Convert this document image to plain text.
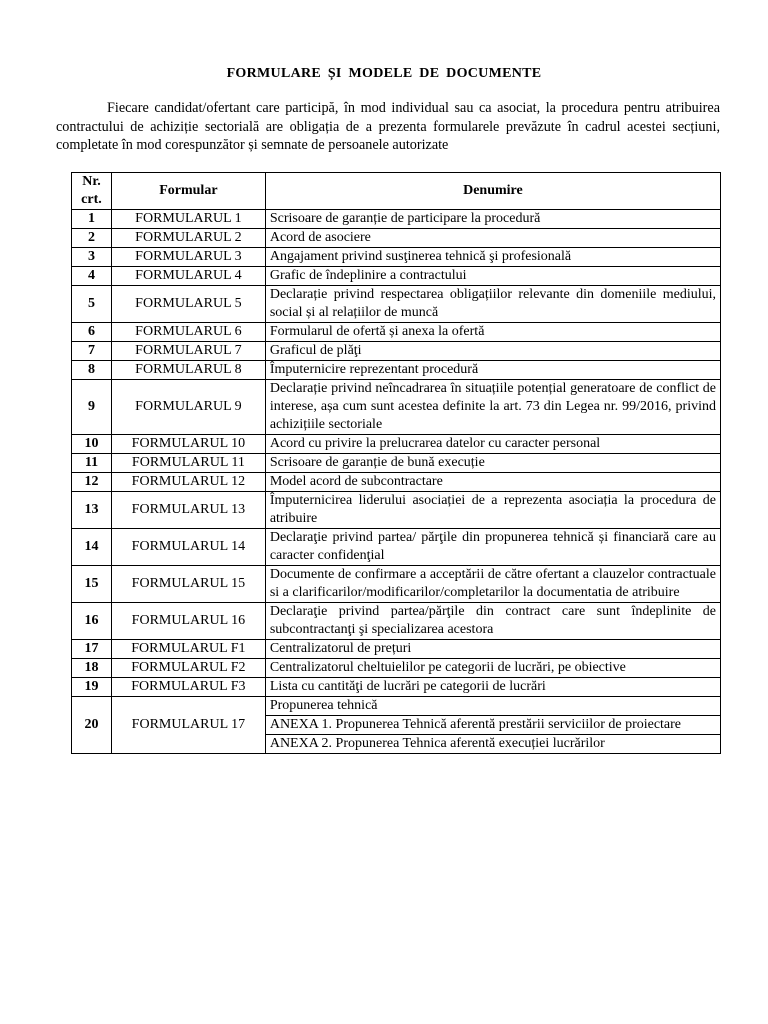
FORMULARE ȘI MODELE DE DOCUMENTE
Fiecare candidat/ofertant care participă, în mod individual sau ca asociat, la procedura pentru atribuirea contractului de achiziție sectorială are obligația de a prezenta formularele prevăzute în cadrul acestei secțiuni, completate în mod corespunzător și semnate de persoanele autorizate
Nr. crt.	Formular	Denumire
1	FORMULARUL 1	Scrisoare de garanție de participare la procedură
2	FORMULARUL 2	Acord de asociere
3	FORMULARUL 3	Angajament privind susţinerea tehnică şi profesională
4	FORMULARUL 4	Grafic de îndeplinire a contractului
5	FORMULARUL 5	Declarație privind respectarea obligațiilor relevante din domeniile mediului, social și al relațiilor de muncă
6	FORMULARUL 6	Formularul de ofertă și anexa la ofertă
7	FORMULARUL 7	Graficul de plăţi
8	FORMULARUL 8	Împuternicire reprezentant procedură
9	FORMULARUL 9	Declarație privind neîncadrarea în situațiile potențial generatoare de conflict de interese, așa cum sunt acestea definite la art. 73 din Legea nr. 99/2016, privind achizițiile sectoriale
10	FORMULARUL 10	Acord cu privire la prelucrarea datelor cu caracter personal
11	FORMULARUL 11	Scrisoare de garanție de bună execuție
12	FORMULARUL 12	Model acord de subcontractare
13	FORMULARUL 13	Împuternicirea liderului asociației de a reprezenta asociația la procedura de atribuire
14	FORMULARUL 14	Declaraţie privind partea/ părţile din propunerea tehnică și financiară care au caracter confidenţial
15	FORMULARUL 15	Documente de confirmare a acceptării de către ofertant a clauzelor contractuale si a clarificarilor/modificarilor/completarilor la documentatia de atribuire
16	FORMULARUL 16	Declaraţie privind partea/părţile din contract care sunt îndeplinite de subcontractanţi şi specializarea acestora
17	FORMULARUL F1	Centralizatorul de prețuri
18	FORMULARUL F2	Centralizatorul cheltuielilor pe categorii de lucrări, pe obiective
19	FORMULARUL F3	Lista cu cantităţi de lucrări pe categorii de lucrări
20	FORMULARUL 17	Propunerea tehnică
		ANEXA 1. Propunerea Tehnică aferentă prestării serviciilor de proiectare
		ANEXA 2. Propunerea Tehnica aferentă execuției lucrărilor
